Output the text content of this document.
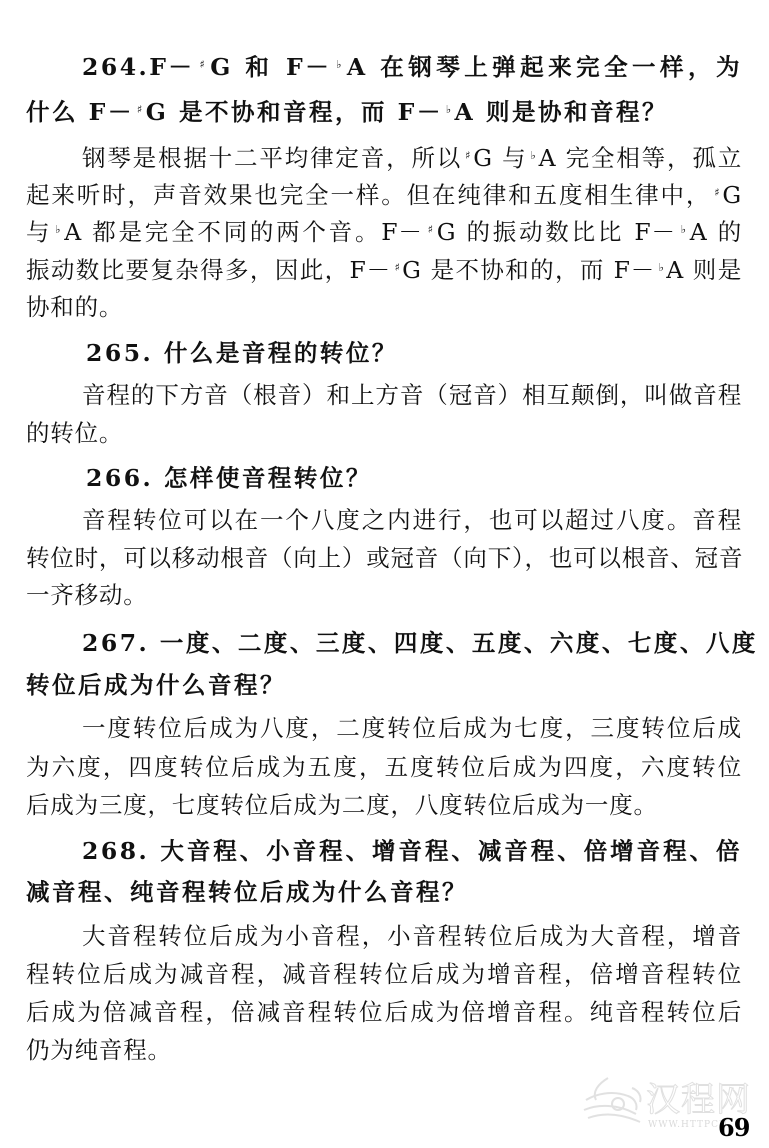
264.F－ ♯G 和 F－ ♭A 在钢琴上弹起来完全一样，为
什么 F－ ♯G 是不协和音程，而 F－ ♭A 则是协和音程？
钢琴是根据十二平均律定音，所以 ♯G 与 ♭A 完全相等，孤立
起来听时，声音效果也完全一样。但在纯律和五度相生律中， ♯G
与 ♭A 都是完全不同的两个音。F－ ♯G 的振动数比比 F－ ♭A 的
振动数比要复杂得多，因此，F－ ♯G 是不协和的，而 F－ ♭A 则是
协和的。
265. 什么是音程的转位？
音程的下方音（根音）和上方音（冠音）相互颠倒，叫做音程
的转位。
266. 怎样使音程转位？
音程转位可以在一个八度之内进行，也可以超过八度。音程
转位时，可以移动根音（向上）或冠音（向下），也可以根音、冠音
一齐移动。
267. 一度、二度、三度、四度、五度、六度、七度、八度
转位后成为什么音程？
一度转位后成为八度，二度转位后成为七度，三度转位后成
为六度，四度转位后成为五度，五度转位后成为四度，六度转位
后成为三度，七度转位后成为二度，八度转位后成为一度。
268. 大音程、小音程、增音程、减音程、倍增音程、倍
减音程、纯音程转位后成为什么音程？
大音程转位后成为小音程，小音程转位后成为大音程，增音
程转位后成为减音程，减音程转位后成为增音程，倍增音程转位
后成为倍减音程，倍减音程转位后成为倍增音程。纯音程转位后
仍为纯音程。
汉程网
WWW.HTTPCN
69
